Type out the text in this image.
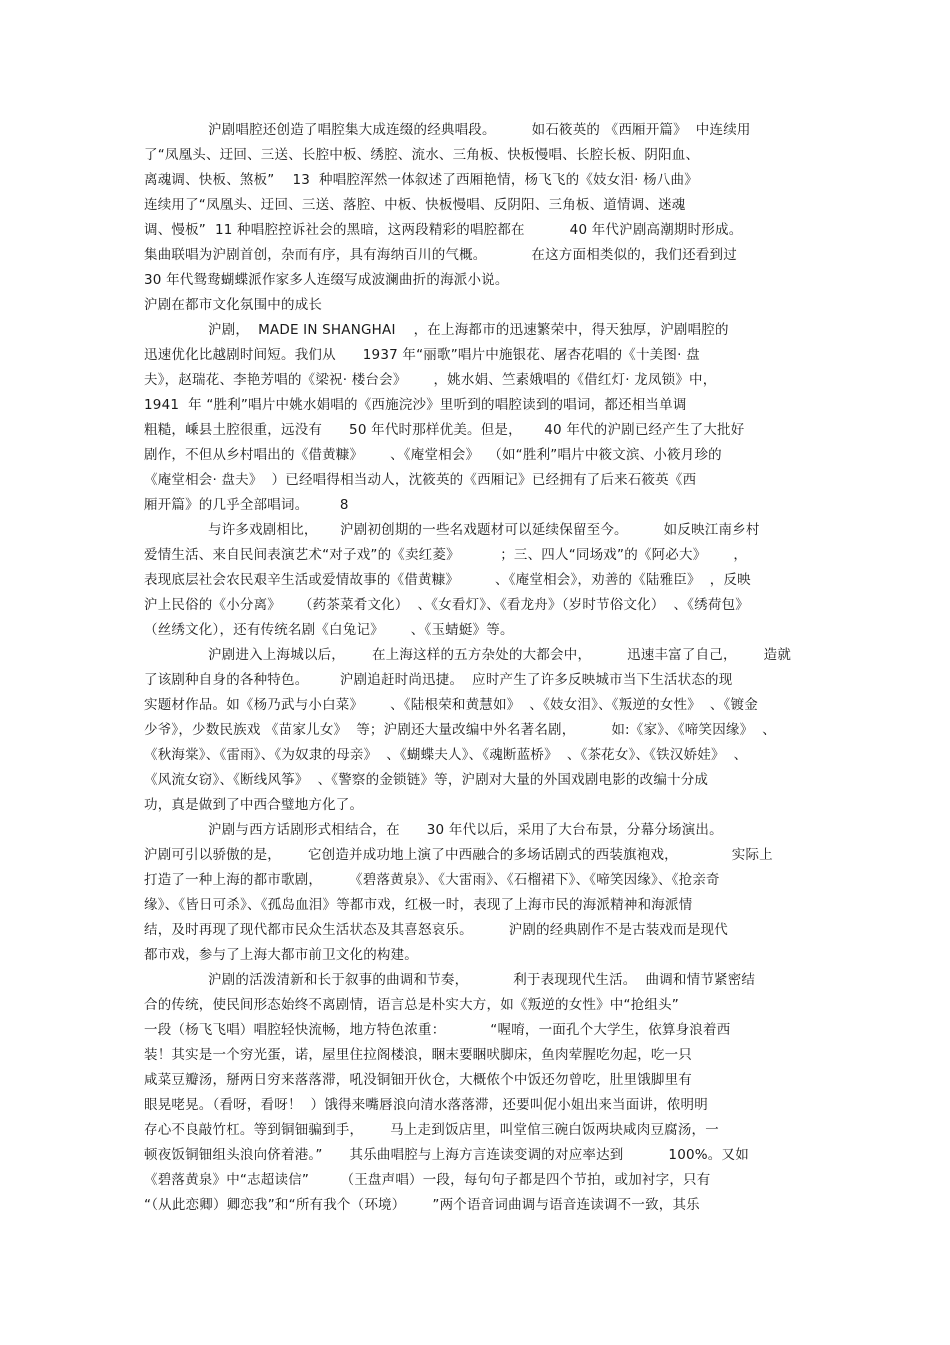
沪剧唱腔还创造了唱腔集大成连缀的经典唱段。        如石筱英的 《西厢开篇》  中连续用
了“凤凰头、迂回、三送、长腔中板、绣腔、流水、三角板、快板慢唱、长腔长板、阴阳血、
离魂调、快板、煞板”    13  种唱腔浑然一体叙述了西厢艳情，杨飞飞的《妓女泪· 杨八曲》
连续用了“凤凰头、迂回、三送、落腔、中板、快板慢唱、反阴阳、三角板、道情调、迷魂
调、慢板”  11 种唱腔控诉社会的黑暗，这两段精彩的唱腔都在          40 年代沪剧高潮期时形成。
集曲联唱为沪剧首创，杂而有序，具有海纳百川的气概。          在这方面相类似的，我们还看到过
30 年代鸳鸯蝴蝶派作家多人连缀写成波澜曲折的海派小说。
沪剧在都市文化氛围中的成长
沪剧，  MADE IN SHANGHAI    ，在上海都市的迅速繁荣中，得天独厚，沪剧唱腔的
迅速优化比越剧时间短。我们从      1937 年“丽歌”唱片中施银花、屠杏花唱的《十美图· 盘
夫》，赵瑞花、李艳芳唱的《梁祝· 楼台会》      ，姚水娟、竺素娥唱的《借红灯· 龙凤锁》中，
1941  年 “胜利”唱片中姚水娟唱的《西施浣沙》里听到的唱腔读到的唱词，都还相当单调
粗糙，嵊县土腔很重，远没有      50 年代时那样优美。但是，     40 年代的沪剧已经产生了大批好
剧作，不但从乡村唱出的《借黄糠》      、《庵堂相会》  （如“胜利”唱片中筱文滨、小筱月珍的
《庵堂相会· 盘夫》  ）已经唱得相当动人，沈筱英的《西厢记》已经拥有了后来石筱英《西
厢开篇》的几乎全部唱词。       8
与许多戏剧相比，     沪剧初创期的一些名戏题材可以延续保留至今。        如反映江南乡村
爱情生活、来自民间表演艺术“对子戏”的《卖红菱》         ；三、四人“同场戏”的《阿必大》      ，
表现底层社会农民艰辛生活或爱情故事的《借黄糠》        、《庵堂相会》，劝善的《陆雅臣》  ，反映
沪上民俗的《小分离》    （药茶菜肴文化）  、《女看灯》、《看龙舟》（岁时节俗文化）  、《绣荷包》
（丝绣文化），还有传统名剧《白兔记》      、《玉蜻蜓》等。
沪剧进入上海城以后，      在上海这样的五方杂处的大都会中，        迅速丰富了自己，      造就
了该剧种自身的各种特色。       沪剧追赶时尚迅捷。  应时产生了许多反映城市当下生活状态的现
实题材作品。如《杨乃武与小白菜》      、《陆根荣和黄慧如》  、《妓女泪》、《叛逆的女性》  、《镀金
少爷》，少数民族戏 《苗家儿女》  等；沪剧还大量改编中外名著名剧，        如:《家》、《啼笑因缘》  、
《秋海棠》、《雷雨》、《为奴隶的母亲》  、《蝴蝶夫人》、《魂断蓝桥》  、《茶花女》、《铁汉娇娃》  、
《风流女窃》、《断线风筝》  、《警察的金锁链》等，沪剧对大量的外国戏剧电影的改编十分成
功，真是做到了中西合璧地方化了。
沪剧与西方话剧形式相结合，在      30 年代以后，采用了大台布景，分幕分场演出。
沪剧可引以骄傲的是，      它创造并成功地上演了中西融合的多场话剧式的西装旗袍戏，            实际上
打造了一种上海的都市歌剧，      《碧落黄泉》、《大雷雨》、《石榴裙下》、《啼笑因缘》、《抢亲奇
缘》、《皆日可杀》、《孤岛血泪》等都市戏，红极一时，表现了上海市民的海派精神和海派情
结，及时再现了现代都市民众生活状态及其喜怒哀乐。        沪剧的经典剧作不是古装戏而是现代
都市戏，参与了上海大都市前卫文化的构建。
沪剧的活泼清新和长于叙事的曲调和节奏，          利于表现现代生活。  曲调和情节紧密结
合的传统，使民间形态始终不离剧情，语言总是朴实大方，如《叛逆的女性》中“抢组头”
一段（杨飞飞唱）唱腔轻快流畅，地方特色浓重：          “喔唷，一面孔个大学生，依算身浪着西
装！其实是一个穷光蛋，诺，屋里住拉阁楼浪，睏末要睏吠脚床，鱼肉荤腥吃勿起，吃一只
咸菜豆瓣汤，掰两日穷来落落滞，吼没铜钿开伙仓，大概侬个中饭还勿曾吃，肚里饿脚里有
眼晃咾晃。（看呀，看呀！  ）饿得来嘴唇浪向清水落落滞，还要叫伲小姐出来当面讲，侬明明
存心不良敲竹杠。等到铜钿骗到手，      马上走到饭店里，叫堂倌三碗白饭两块咸肉豆腐汤，一
顿夜饭铜钿组头浪向侪着港。”      其乐曲唱腔与上海方言连读变调的对应率达到          100%。又如
《碧落黄泉》中“志超读信”       （王盘声唱）一段，每句句子都是四个节拍，或加衬字，只有
“（从此恋卿）卿恋我”和“所有我个（环境）      ”两个语音词曲调与语音连读调不一致，其乐
